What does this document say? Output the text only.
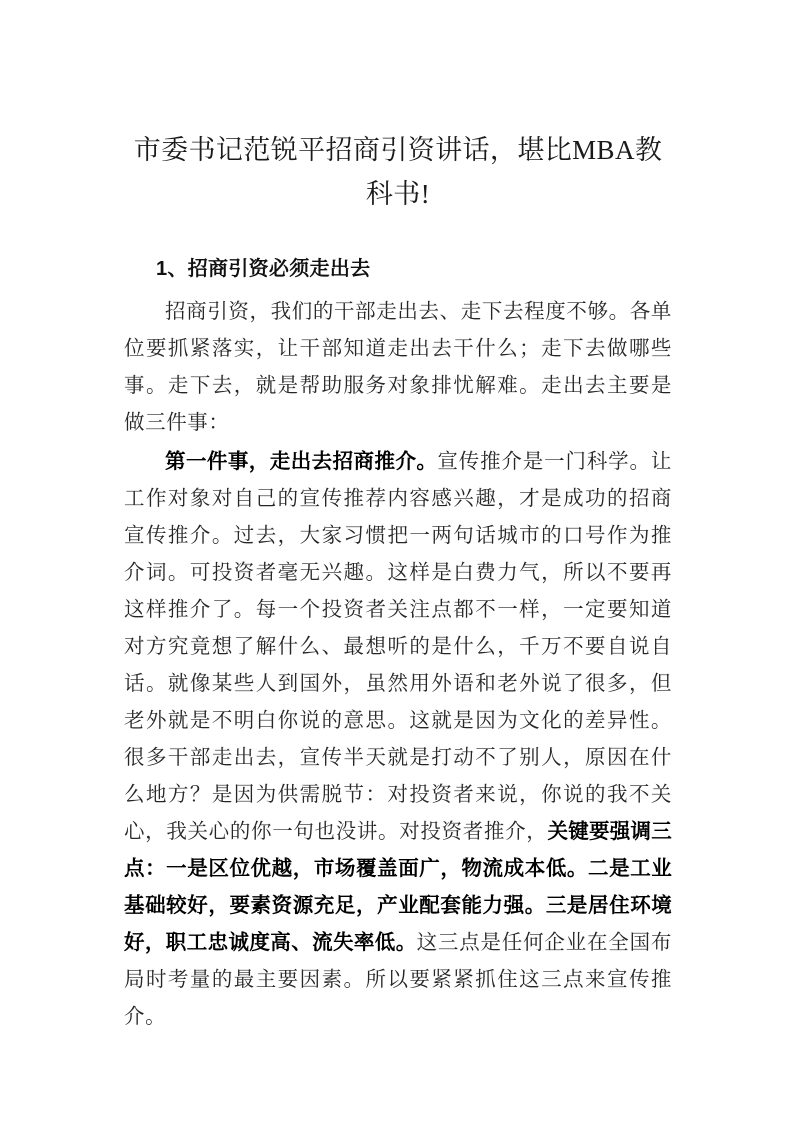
市委书记范锐平招商引资讲话，堪比MBA教科书!
1、招商引资必须走出去

招商引资，我们的干部走出去、走下去程度不够。各单位要抓紧落实，让干部知道走出去干什么；走下去做哪些事。走下去，就是帮助服务对象排忧解难。走出去主要是做三件事：

第一件事，走出去招商推介。宣传推介是一门科学。让工作对象对自己的宣传推荐内容感兴趣，才是成功的招商宣传推介。过去，大家习惯把一两句话城市的口号作为推介词。可投资者毫无兴趣。这样是白费力气，所以不要再这样推介了。每一个投资者关注点都不一样，一定要知道对方究竟想了解什么、最想听的是什么，千万不要自说自话。就像某些人到国外，虽然用外语和老外说了很多，但老外就是不明白你说的意思。这就是因为文化的差异性。很多干部走出去，宣传半天就是打动不了别人，原因在什么地方？是因为供需脱节：对投资者来说，你说的我不关心，我关心的你一句也没讲。对投资者推介，关键要强调三点：一是区位优越，市场覆盖面广，物流成本低。二是工业基础较好，要素资源充足，产业配套能力强。三是居住环境好，职工忠诚度高、流失率低。这三点是任何企业在全国布局时考量的最主要因素。所以要紧紧抓住这三点来宣传推介。
